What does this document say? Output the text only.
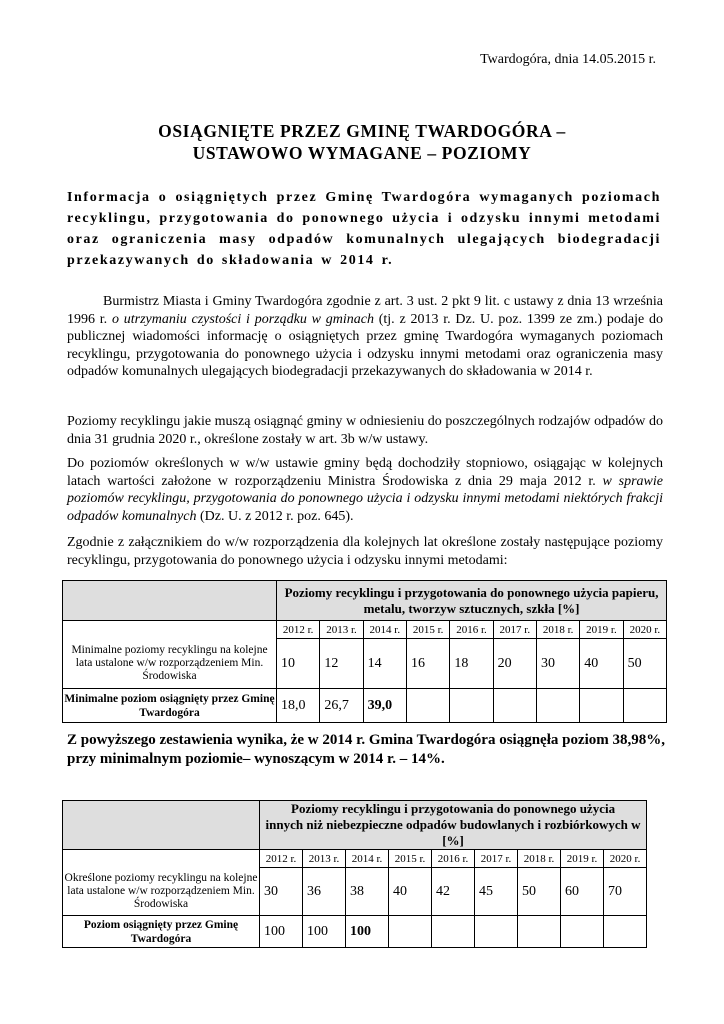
Twardogóra, dnia 14.05.2015 r.
OSIĄGNIĘTE PRZEZ GMINĘ TWARDOGÓRA –
USTAWOWO WYMAGANE – POZIOMY
Informacja o osiągniętych przez Gminę Twardogóra wymaganych poziomach recyklingu, przygotowania do ponownego użycia i odzysku innymi metodami oraz ograniczenia masy odpadów komunalnych ulegających biodegradacji przekazywanych do składowania w 2014 r.
Burmistrz Miasta i Gminy Twardogóra zgodnie z art. 3 ust. 2 pkt 9 lit. c ustawy z dnia 13 września 1996 r. o utrzymaniu czystości i porządku w gminach (tj. z 2013 r. Dz. U. poz. 1399 ze zm.) podaje do publicznej wiadomości informację o osiągniętych przez gminę Twardogóra wymaganych poziomach recyklingu, przygotowania do ponownego użycia i odzysku innymi metodami oraz ograniczenia masy odpadów komunalnych ulegających biodegradacji przekazywanych do składowania w 2014 r.
Poziomy recyklingu jakie muszą osiągnąć gminy w odniesieniu do poszczególnych rodzajów odpadów do dnia 31 grudnia 2020 r., określone zostały w art. 3b w/w ustawy.
Do poziomów określonych w w/w ustawie gminy będą dochodziły stopniowo, osiągając w kolejnych latach wartości założone w rozporządzeniu Ministra Środowiska z dnia 29 maja 2012 r. w sprawie poziomów recyklingu, przygotowania do ponownego użycia i odzysku innymi metodami niektórych frakcji odpadów komunalnych (Dz. U. z 2012 r. poz. 645).
Zgodnie z załącznikiem do w/w rozporządzenia dla kolejnych lat określone zostały następujące poziomy recyklingu, przygotowania do ponownego użycia i odzysku innymi metodami:

	Poziomy recyklingu i przygotowania do ponownego użycia papieru,
metalu, tworzyw sztucznych, szkła [%]								

	2012 r.	2013 r.	2014 r.	2015 r.	2016 r.	2017 r.	2018 r.	2019 r.	2020 r.
Minimalne poziomy recyklingu na kolejne lata ustalone w/w rozporządzeniem Min. Środowiska	10	12	14	16	18	20	30	40	50
Minimalne poziom osiągnięty przez Gminę Twardogóra	18,0	26,7	39,0						
Z powyższego zestawienia wynika, że w 2014 r. Gmina Twardogóra osiągnęła poziom 38,98%,
przy minimalnym poziomie– wynoszącym w 2014 r. – 14%.

	Poziomy recyklingu i przygotowania do ponownego użycia
innych niż niebezpieczne odpadów budowlanych i rozbiórkowych w
[%]								

	2012 r.	2013 r.	2014 r.	2015 r.	2016 r.	2017 r.	2018 r.	2019 r.	2020 r.
Określone poziomy recyklingu na kolejne lata ustalone w/w rozporządzeniem Min. Środowiska	30	36	38	40	42	45	50	60	70
Poziom osiągnięty przez Gminę Twardogóra	100	100	100						
